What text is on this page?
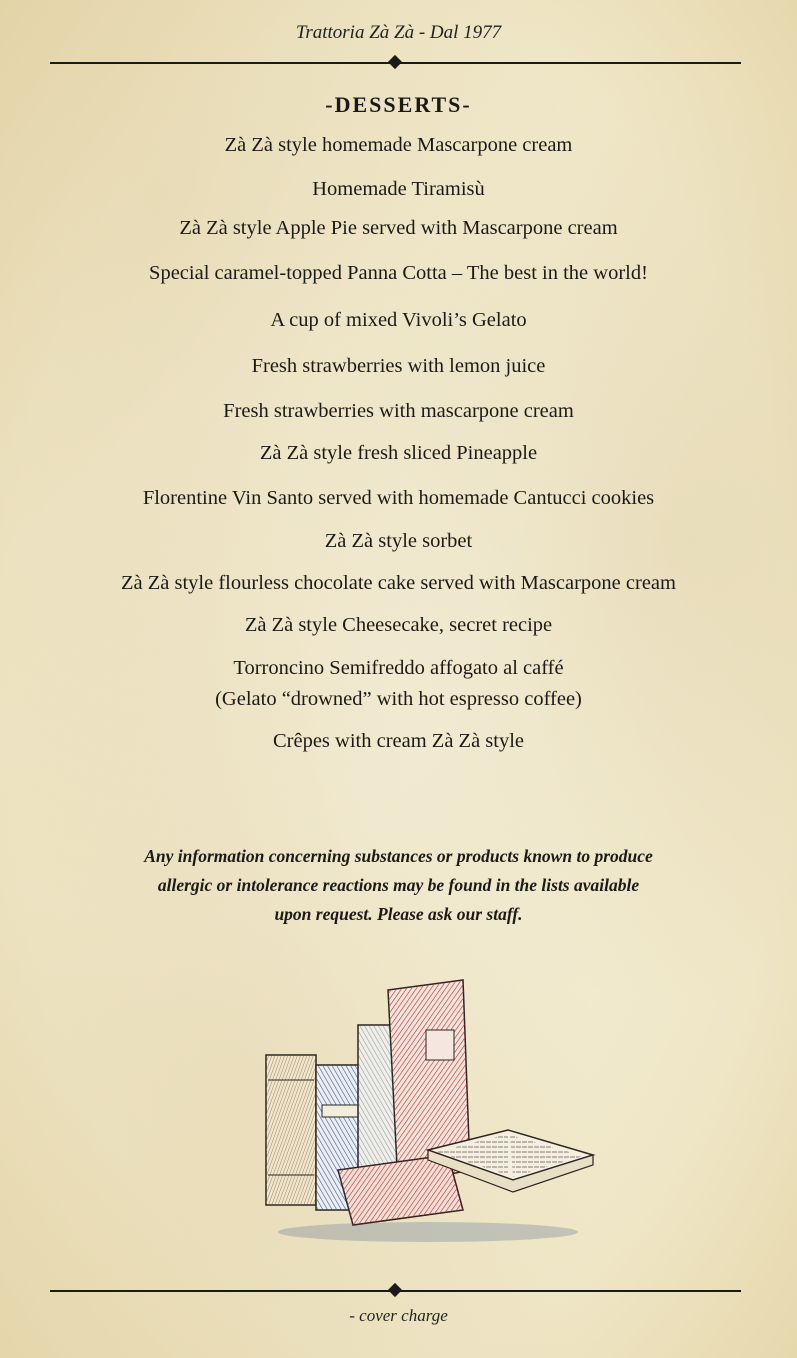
Trattoria Zà Zà - Dal 1977
-DESSERTS-
Zà Zà style homemade Mascarpone cream
Homemade Tiramisù
Zà Zà style Apple Pie served with Mascarpone cream
Special caramel-topped Panna Cotta – The best in the world!
A cup of mixed Vivoli’s Gelato
Fresh strawberries with lemon juice
Fresh strawberries with mascarpone cream
Zà Zà style fresh sliced Pineapple
Florentine Vin Santo served with homemade Cantucci cookies
Zà Zà style sorbet
Zà Zà style flourless chocolate cake served with Mascarpone cream
Zà Zà style Cheesecake, secret recipe
Torroncino Semifreddo affogato al caffé
(Gelato “drowned” with hot espresso coffee)
Crêpes with cream Zà Zà style
Any information concerning substances or products known to produce
allergic or intolerance reactions may be found in the lists available
upon request. Please ask our staff.
- cover charge
